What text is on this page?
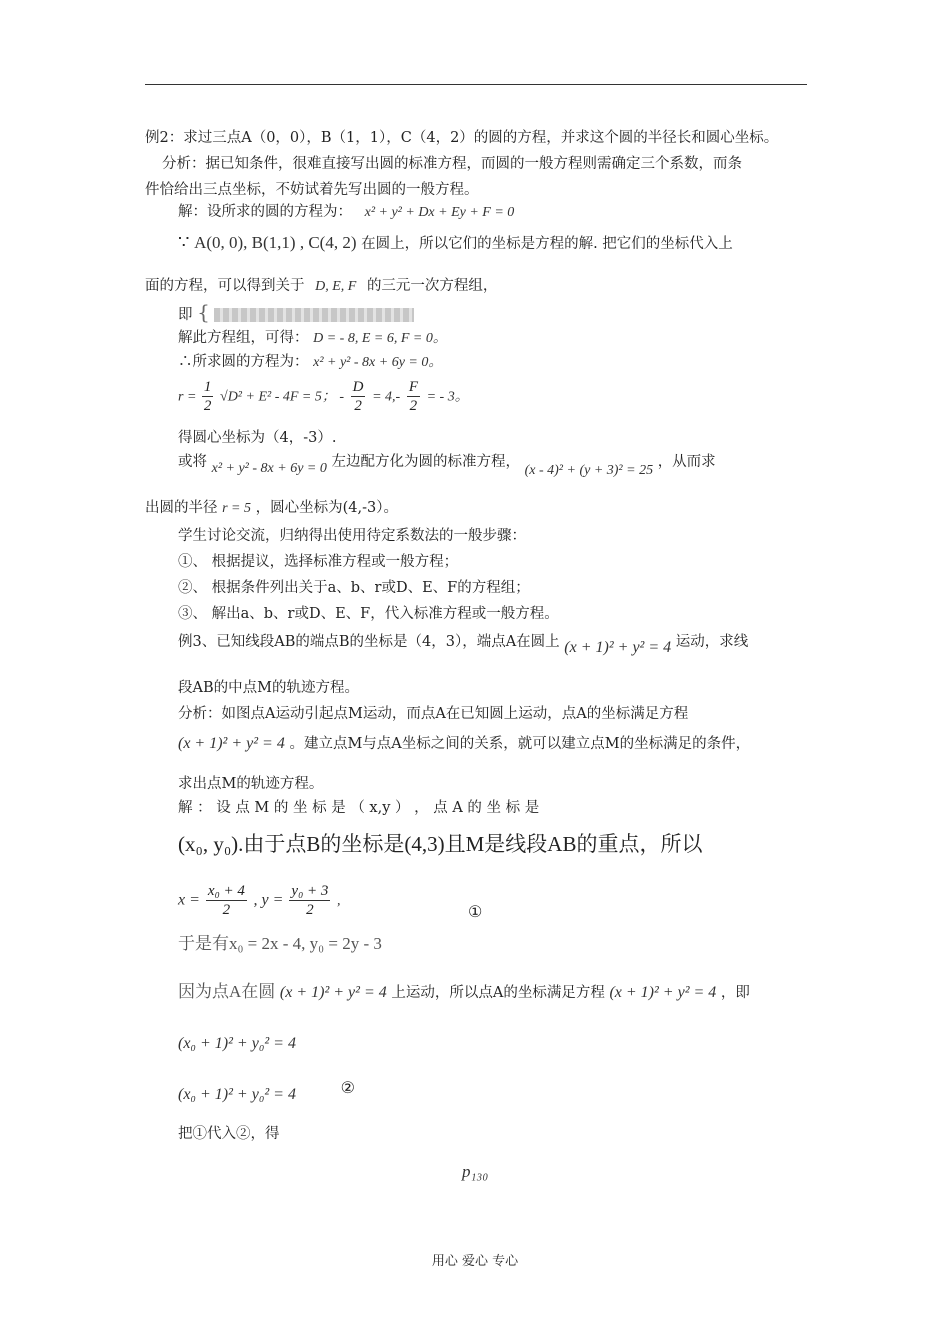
例2：求过三点A（0，0），B（1，1），C（4，2）的圆的方程，并求这个圆的半径长和圆心坐标。
分析：据已知条件，很难直接写出圆的标准方程，而圆的一般方程则需确定三个系数，而条
件恰给出三点坐标，不妨试着先写出圆的一般方程。
解：设所求的圆的方程为： x² + y² + Dx + Ey + F = 0
∵ A(0, 0), B(1,1) , C(4, 2) 在圆上，所以它们的坐标是方程的解. 把它们的坐标代入上
面的方程，可以得到关于 D, E, F 的三元一次方程组，
即 {
解此方程组，可得： D = - 8, E = 6, F = 0。
∴所求圆的方程为： x² + y² - 8x + 6y = 0。
$r = \frac{1}{2} √D^2 + E^2 - 4F = 5$； - $\frac{D}{2} = 4,- \frac{F}{2}$ = - 3。
得圆心坐标为（4，-3）.
或将 x² + y² - 8x + 6y = 0 左边配方化为圆的标准方程， (x - 4)² + (y + 3)² = 25 ，从而求
出圆的半径 r = 5 ，圆心坐标为(4,-3）。
学生讨论交流，归纳得出使用待定系数法的一般步骤：
①、 根据提议，选择标准方程或一般方程；
②、 根据条件列出关于a、b、r或D、E、F的方程组；
③、 解出a、b、r或D、E、F，代入标准方程或一般方程。
例3、已知线段AB的端点B的坐标是（4，3），端点A在圆上 (x + 1)² + y² = 4 运动，求线
段AB的中点M的轨迹方程。
分析：如图点A运动引起点M运动，而点A在已知圆上运动，点A的坐标满足方程
(x + 1)² + y² = 4 。建立点M与点A坐标之间的关系，就可以建立点M的坐标满足的条件，
求出点M的轨迹方程。
解 ： 设 点 M 的 坐 标 是 （ x,y ） ， 点 A 的 坐 标 是
(x₀, y₀).由于点B的坐标是(4,3)且M是线段AB的重点，所以
$x = \frac{\text{x₀ + 4}}{2}$ , $y = \frac{\text{y₀ + 3}}{2}$ ,
①
于是有x₀ = 2x - 4, y₀ = 2y - 3
因为点A在圆 (x + 1)² + y² = 4 上运动，所以点A的坐标满足方程 (x + 1)² + y² = 4 ，即
(x₀ + 1)² + y₀² = 4
(x₀ + 1)² + y₀² = 4	②
把①代入②，得
p₁₃₀
用心 爱心 专心
